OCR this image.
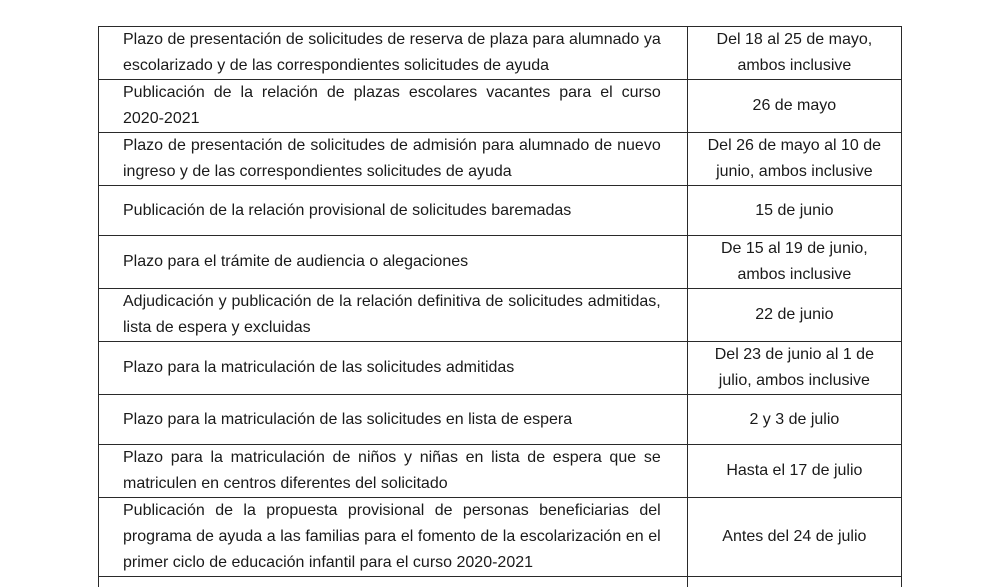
Plazo de presentación de solicitudes de reserva de plaza para alumnado ya escolarizado y de las correspondientes solicitudes de ayuda	Del 18 al 25 de mayo, ambos inclusive
Publicación de la relación de plazas escolares vacantes para el curso 2020-2021	26 de mayo
Plazo de presentación de solicitudes de admisión para alumnado de nuevo ingreso y de las correspondientes solicitudes de ayuda	Del 26 de mayo al 10 de junio, ambos inclusive
Publicación de la relación provisional de solicitudes baremadas	15 de junio
Plazo para el trámite de audiencia o alegaciones	De 15 al 19 de junio, ambos inclusive
Adjudicación y publicación de la relación definitiva de solicitudes admitidas, lista de espera y excluidas	22 de junio
Plazo para la matriculación de las solicitudes admitidas	Del 23 de junio al 1 de julio, ambos inclusive
Plazo para la matriculación de las solicitudes en lista de espera	2 y 3 de julio
Plazo para la matriculación de niños y niñas en lista de espera que se matriculen en centros diferentes del solicitado	Hasta el 17 de julio
Publicación de la propuesta provisional de personas beneficiarias del programa de ayuda a las familias para el fomento de la escolarización en el primer ciclo de educación infantil para el curso 2020-2021	Antes del 24 de julio
